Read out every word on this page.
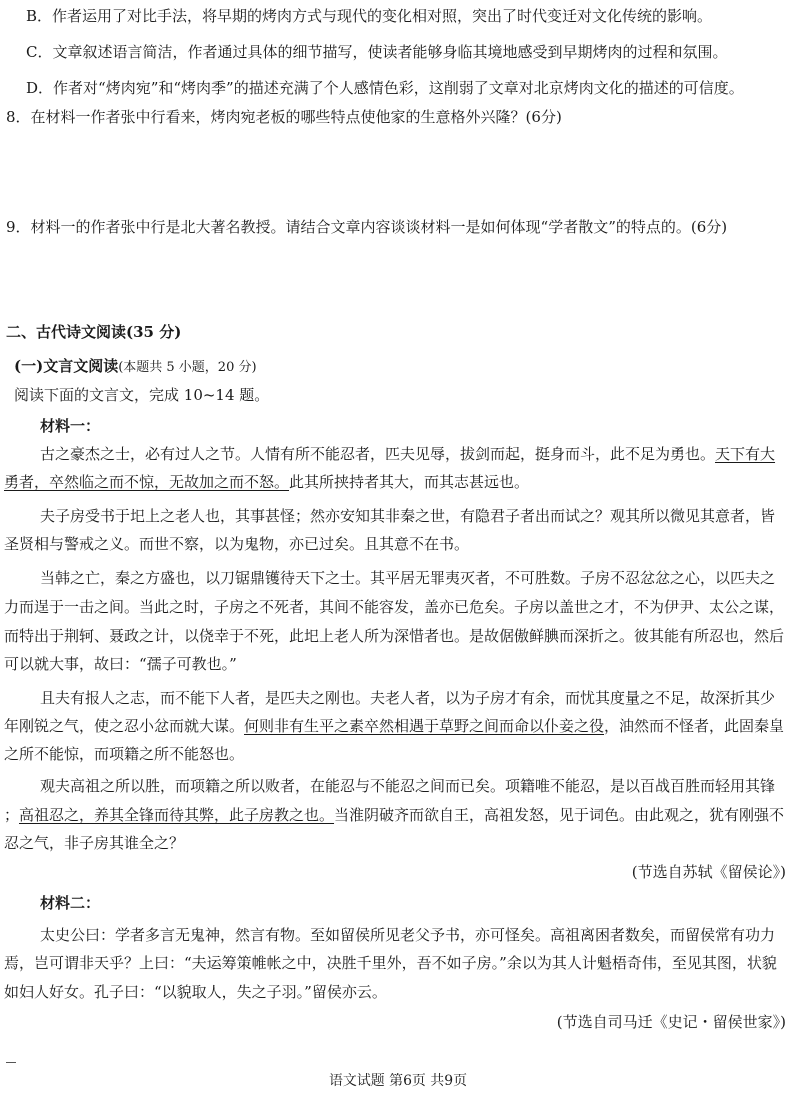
B．作者运用了对比手法，将早期的烤肉方式与现代的变化相对照，突出了时代变迁对文化传统的影响。
C．文章叙述语言简洁，作者通过具体的细节描写，使读者能够身临其境地感受到早期烤肉的过程和氛围。
D．作者对“烤肉宛”和“烤肉季”的描述充满了个人感情色彩，这削弱了文章对北京烤肉文化的描述的可信度。
8．在材料一作者张中行看来，烤肉宛老板的哪些特点使他家的生意格外兴隆？(6分)
9．材料一的作者张中行是北大著名教授。请结合文章内容谈谈材料一是如何体现“学者散文”的特点的。(6分)
二、古代诗文阅读(35 分)
(一)文言文阅读(本题共 5 小题，20 分)
阅读下面的文言文，完成 10~14 题。
材料一：
古之豪杰之士，必有过人之节。人情有所不能忍者，匹夫见辱，拔剑而起，挺身而斗，此不足为勇也。天下有大
勇者，卒然临之而不惊，无故加之而不怒。此其所挟持者其大，而其志甚远也。
夫子房受书于圯上之老人也，其事甚怪；然亦安知其非秦之世，有隐君子者出而试之？观其所以微见其意者，皆
圣贤相与警戒之义。而世不察，以为鬼物，亦已过矣。且其意不在书。
当韩之亡，秦之方盛也，以刀锯鼎镬待天下之士。其平居无罪夷灭者，不可胜数。子房不忍忿忿之心，以匹夫之
力而逞于一击之间。当此之时，子房之不死者，其间不能容发，盖亦已危矣。子房以盖世之才，不为伊尹、太公之谋，
而特出于荆轲、聂政之计，以侥幸于不死，此圯上老人所为深惜者也。是故倨傲鲜腆而深折之。彼其能有所忍也，然后
可以就大事，故曰：“孺子可教也。”
且夫有报人之志，而不能下人者，是匹夫之刚也。夫老人者，以为子房才有余，而忧其度量之不足，故深折其少
年刚锐之气，使之忍小忿而就大谋。何则非有生平之素卒然相遇于草野之间而命以仆妾之役，油然而不怪者，此固秦皇
之所不能惊，而项籍之所不能怒也。
观夫高祖之所以胜，而项籍之所以败者，在能忍与不能忍之间而已矣。项籍唯不能忍，是以百战百胜而轻用其锋
；高祖忍之，养其全锋而待其弊，此子房教之也。当淮阴破齐而欲自王，高祖发怒，见于词色。由此观之，犹有刚强不
忍之气，非子房其谁全之？
(节选自苏轼《留侯论》)
材料二：
太史公曰：学者多言无鬼神，然言有物。至如留侯所见老父予书，亦可怪矣。高祖离困者数矣，而留侯常有功力
焉，岂可谓非天乎？上曰：“夫运筹策帷帐之中，决胜千里外，吾不如子房。”余以为其人计魁梧奇伟，至见其图，状貌
如妇人好女。孔子曰：“以貌取人，失之子羽。”留侯亦云。
(节选自司马迁《史记・留侯世家》)
语文试题 第6页 共9页
